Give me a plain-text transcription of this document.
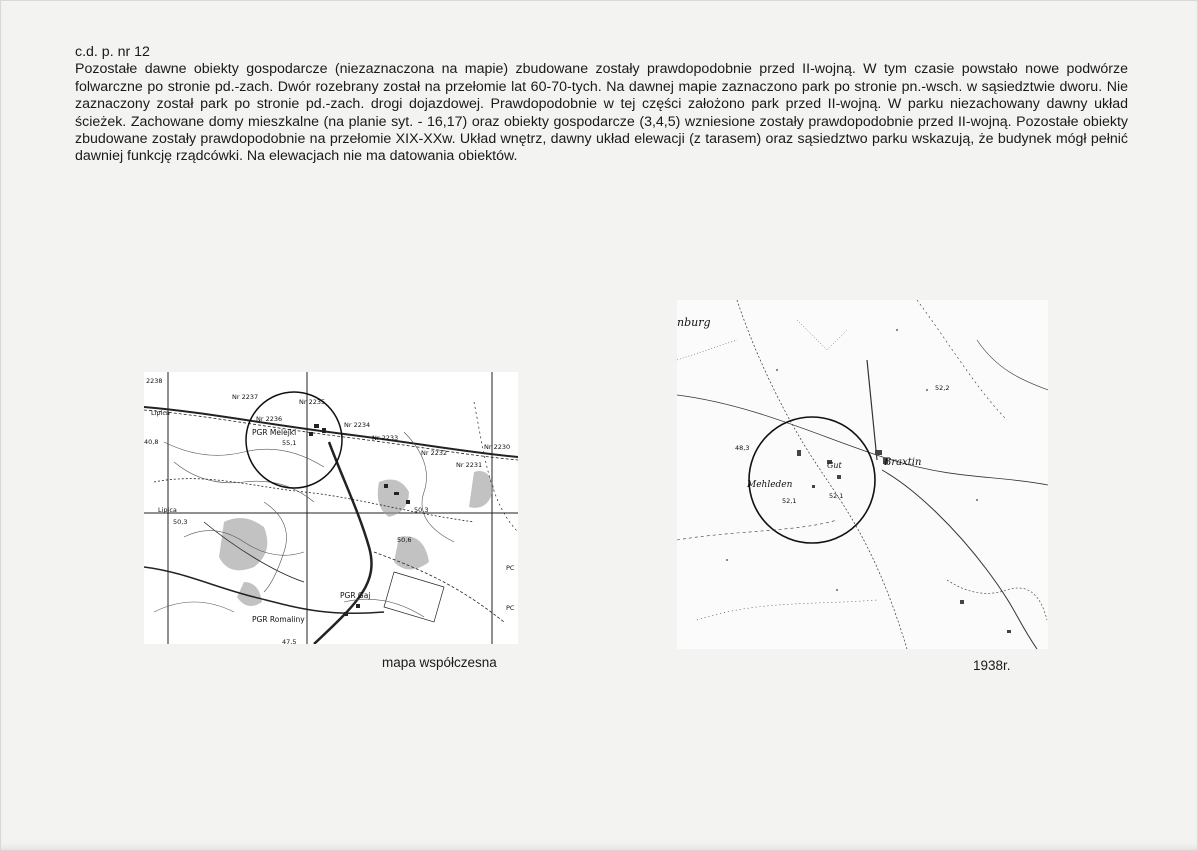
c.d. p. nr 12
Pozostałe dawne obiekty gospodarcze (niezaznaczona na mapie) zbudowane zostały prawdopodobnie przed II-wojną. W tym czasie powstało nowe podwórze folwarczne po stronie pd.-zach. Dwór rozebrany został na przełomie lat 60-70-tych. Na dawnej mapie zaznaczono park po stronie pn.-wsch. w sąsiedztwie dworu. Nie zaznaczony został park po stronie pd.-zach. drogi dojazdowej. Prawdopodobnie w tej części założono park przed II-wojną. W parku niezachowany dawny układ ścieżek. Zachowane domy mieszkalne (na planie syt. - 16,17) oraz obiekty gospodarcze (3,4,5) wzniesione zostały prawdopodobnie przed II-wojną. Pozostałe obiekty zbudowane zostały prawdopodobnie na przełomie XIX-XXw. Układ wnętrz, dawny układ elewacji (z tarasem) oraz sąsiedztwo parku wskazują, że budynek mógł pełnić dawniej funkcję rządcówki. Na elewacjach nie ma datowania obiektów.
2238
Nr 2237
Nr 2235
Nr 2236
Nr 2234
Nr 2233
Nr 2232
Nr 2230
Nr 2231
Lipica
Lipica
PGR Melejki
55,1
40,8
50,3
50,3
50,6
47,5
PGR Gaj
PGR Romaliny
PC
PC
mapa współczesna
nburg
Mehleden
Gut	Braxtin
52,2
52,1
52,1
48,3
1938r.
